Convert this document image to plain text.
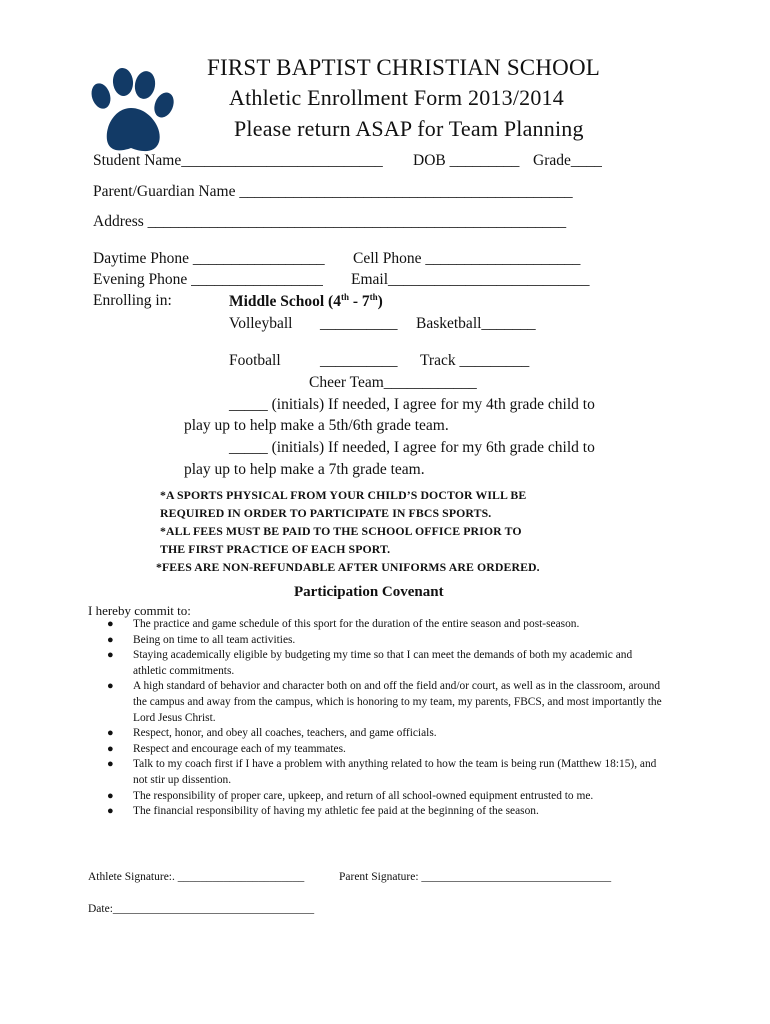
FIRST BAPTIST CHRISTIAN SCHOOL
Athletic Enrollment Form 2013/2014
Please return ASAP for Team Planning
Student Name__________________________ DOB _________ Grade____
Parent/Guardian Name ___________________________________________
Address ______________________________________________________
Daytime Phone _________________ Cell Phone ____________________
Evening Phone _________________ Email__________________________
Enrolling in:	Middle School (4th - 7th)
Volleyball __________ Basketball_______
Football	__________ Track _________
Cheer Team____________
_____ (initials) If needed, I agree for my 4th grade child to
play up to help make a 5th/6th grade team.
_____ (initials) If needed, I agree for my 6th grade child to
play up to help make a 7th grade team.
*A SPORTS PHYSICAL FROM YOUR CHILD’S DOCTOR WILL BE
REQUIRED IN ORDER TO PARTICIPATE IN FBCS SPORTS.
*ALL FEES MUST BE PAID TO THE SCHOOL OFFICE PRIOR TO
THE FIRST PRACTICE OF EACH SPORT.
*FEES ARE NON-REFUNDABLE AFTER UNIFORMS ARE ORDERED.
Participation Covenant
I hereby commit to:
● The practice and game schedule of this sport for the duration of the entire season and post-season.
● Being on time to all team activities.
● Staying academically eligible by budgeting my time so that I can meet the demands of both my academic and athletic commitments.
● A high standard of behavior and character both on and off the field and/or court, as well as in the classroom, around the campus and away from the campus, which is honoring to my team, my parents, FBCS, and most importantly the Lord Jesus Christ.
● Respect, honor, and obey all coaches, teachers, and game officials.
● Respect and encourage each of my teammates.
● Talk to my coach first if I have a problem with anything related to how the team is being run (Matthew 18:15), and not stir up dissention.
● The responsibility of proper care, upkeep, and return of all school-owned equipment entrusted to me.
● The financial responsibility of having my athletic fee paid at the beginning of the season.
Athlete Signature:. ______________________	Parent Signature: _________________________________
Date:___________________________________
